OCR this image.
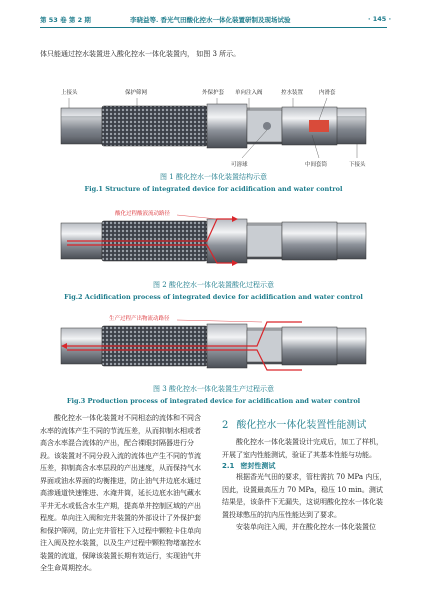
第 53 卷 第 2 期	李晓益等. 香光气田酸化控水一体化装置研制及现场试验	· 145 ·
体只能通过控水装置进入酸化控水一体化装置内， 如图 3 所示。
上接头	保护筛网	外保护套 单向注入阀	控水装置	内滑套
可溶球	中间套筒	下接头
图 1 酸化控水一体化装置结构示意
Fig.1 Structure of integrated device for acidification and water control
酸化过程酸液流动路径
图 2 酸化控水一体化装置酸化过程示意
Fig.2 Acidification process of integrated device for acidification and water control
生产过程产出物流动路径
图 3 酸化控水一体化装置生产过程示意
Fig.3 Production process of integrated device for acidification and water control
酸化控水一体化装置对不同相态的流体和不同含水率的流体产生不同的节流压差，从而抑制水相或者高含水率混合流体的产出，配合裸眼封隔器进行分段。该装置对不同分段入流的流体也产生不同的节流压差，抑制高含水率层段的产出速度，从而保持气水界面或油水界面的均衡推进，防止油气井边底水通过高渗通道快速锥进、水淹井筒，延长边底水油气藏水平井无水或低含水生产期，提高单井控制区域的产出程度。单向注入阀和完井装置的外部设计了外保护套和保护筛网，防止完井管柱下入过程中颗粒卡住单向注入阀及控水装置，以及生产过程中颗粒物堵塞控水装置的流道，保障该装置长期有效运行，实现油气井全生命周期控水。
2 酸化控水一体化装置性能测试
酸化控水一体化装置设计完成后，加工了样机，开展了室内性能测试，验证了其基本性能与功能。
2.1 密封性测试
根据香光气田的要求，管柱需抗 70 MPa 内压，因此，设置最高压力 70 MPa，稳压 10 min。测试结果是，该条件下无漏失，这说明酸化控水一体化装置投球憋压的抗内压性能达到了要求。
安装单向注入阀，并在酸化控水一体化装置位
